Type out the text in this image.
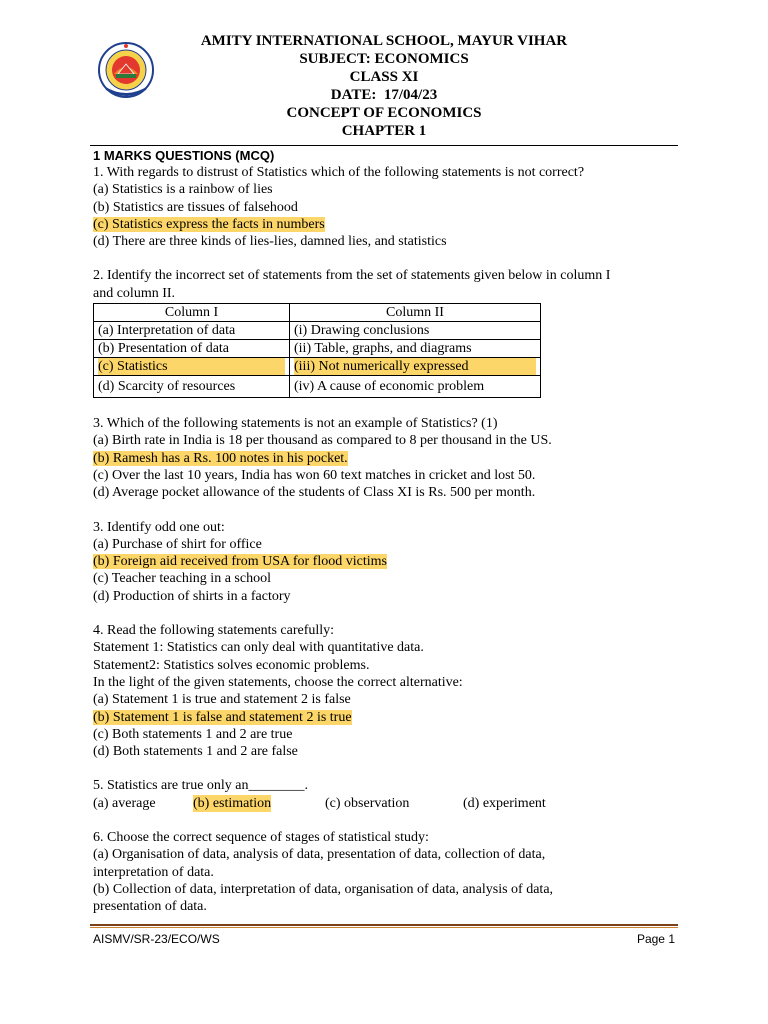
AMITY INTERNATIONAL SCHOOL, MAYUR VIHAR
SUBJECT: ECONOMICS
CLASS XI
DATE:  17/04/23
CONCEPT OF ECONOMICS
CHAPTER 1
1 MARKS QUESTIONS (MCQ)
1. With regards to distrust of Statistics which of the following statements is not correct?
(a) Statistics is a rainbow of lies
(b) Statistics are tissues of falsehood
(c) Statistics express the facts in numbers
(d) There are three kinds of lies-lies, damned lies, and statistics
2. Identify the incorrect set of statements from the set of statements given below in column I
and column II.
Column I	Column II
(a) Interpretation of data	(i) Drawing conclusions
(b) Presentation of data	(ii) Table, graphs, and diagrams
(c) Statistics	(iii) Not numerically expressed
(d) Scarcity of resources	(iv) A cause of economic problem
3. Which of the following statements is not an example of Statistics? (1)
(a) Birth rate in India is 18 per thousand as compared to 8 per thousand in the US.
(b) Ramesh has a Rs. 100 notes in his pocket.
(c) Over the last 10 years, India has won 60 text matches in cricket and lost 50.
(d) Average pocket allowance of the students of Class XI is Rs. 500 per month.
3. Identify odd one out:
(a) Purchase of shirt for office
(b) Foreign aid received from USA for flood victims
(c) Teacher teaching in a school
(d) Production of shirts in a factory
4. Read the following statements carefully:
Statement 1: Statistics can only deal with quantitative data.
Statement2: Statistics solves economic problems.
In the light of the given statements, choose the correct alternative:
(a) Statement 1 is true and statement 2 is false
(b) Statement 1 is false and statement 2 is true
(c) Both statements 1 and 2 are true
(d) Both statements 1 and 2 are false
5. Statistics are true only an________.
(a) average	(b) estimation	(c) observation	(d) experiment
6. Choose the correct sequence of stages of statistical study:
(a) Organisation of data, analysis of data, presentation of data, collection of data,
interpretation of data.
(b) Collection of data, interpretation of data, organisation of data, analysis of data,
presentation of data.
AISMV/SR-23/ECO/WS	Page 1
